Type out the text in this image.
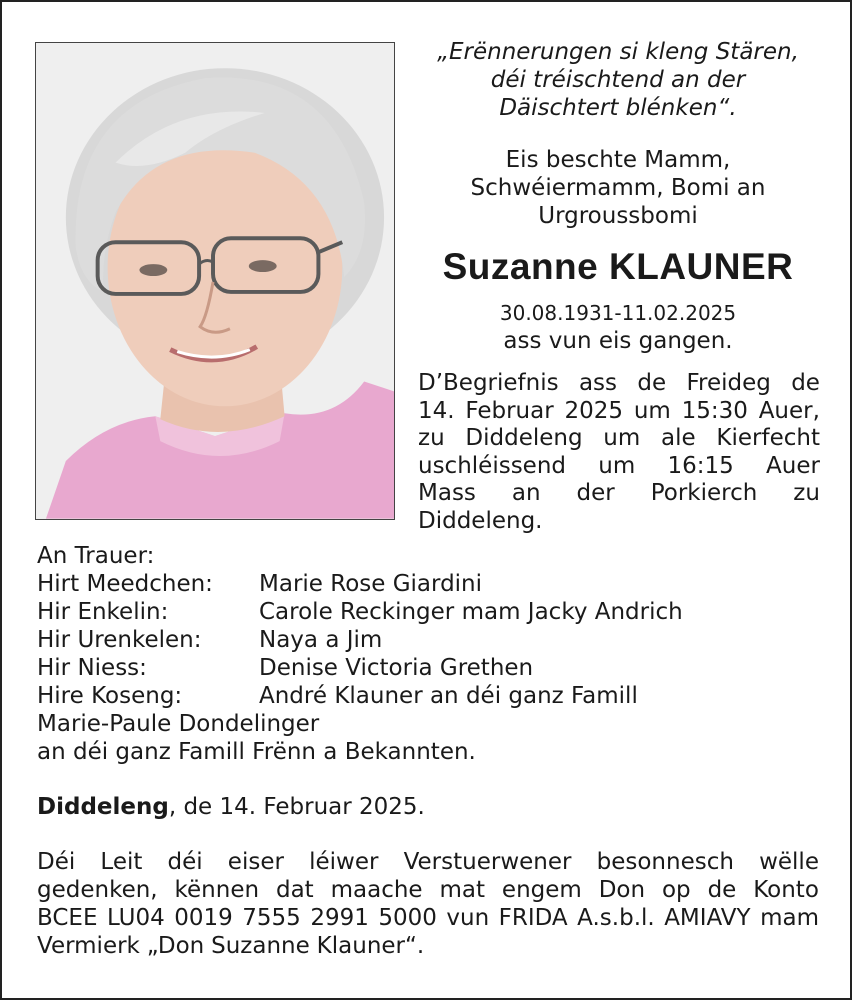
„Erënnerungen si kleng Stären,
déi tréischtend an der
Däischtert blénken“.
Eis beschte Mamm,
Schwéiermamm, Bomi an
Urgroussbomi
Suzanne KLAUNER
30.08.1931-11.02.2025
ass vun eis gangen.
D’Begriefnis ass de Freideg de
14. Februar 2025 um 15:30 Auer,
zu Diddeleng um ale Kierfecht
uschléissend um 16:15 Auer
Mass an der Porkierch zu
Diddeleng.
An Trauer:
Hirt Meedchen:	Marie Rose Giardini
Hir Enkelin:	Carole Reckinger mam Jacky Andrich
Hir Urenkelen:	Naya a Jim
Hir Niess:	Denise Victoria Grethen
Hire Koseng:	André Klauner an déi ganz Famill
Marie-Paule Dondelinger
an déi ganz Famill Frënn a Bekannten.
Diddeleng, de 14. Februar 2025.
Déi Leit déi eiser léiwer Verstuerwener besonnesch wëlle
gedenken, kënnen dat maache mat engem Don op de Konto
BCEE LU04 0019 7555 2991 5000 vun FRIDA A.s.b.l. AMIAVY mam
Vermierk „Don Suzanne Klauner“.
